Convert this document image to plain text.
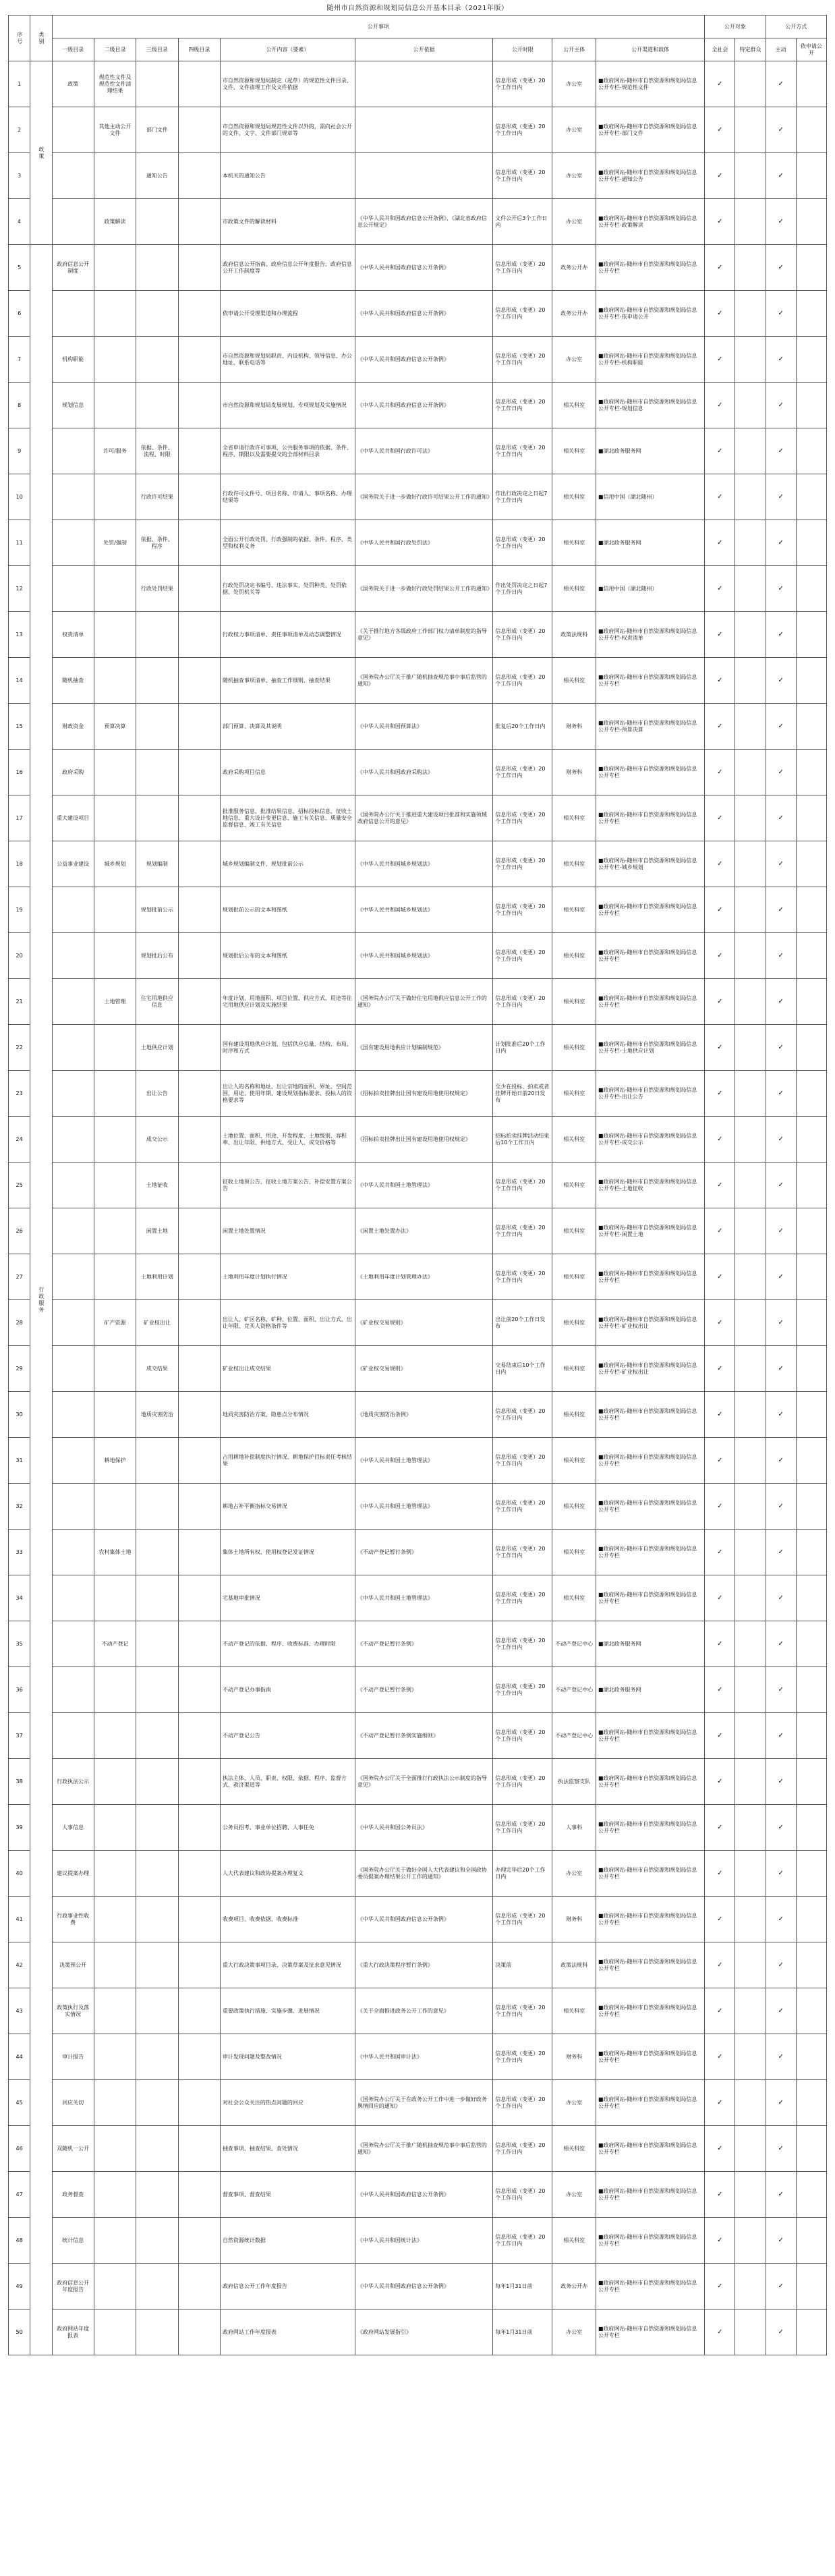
随州市自然资源和规划局信息公开基本目录（2021年版）
序号	类别	公开事项									公开对象		公开方式	
		一级目录	二级目录	三级目录	四级目录	公开内容（要素）	公开依据	公开时限	公开主体	公开渠道和载体	全社会	特定群众	主动	依申请公开
1	政策	政策	规范性文件及规范性文件清理结果			市自然资源和规划局制定（起草）的规范性文件目录、文件、文件清理工作及文件依据		信息形成（变更）20个工作日内	办公室	■政府网站-随州市自然资源和规划局信息公开专栏-规范性文件	✓		✓	
2			其他主动公开文件	部门文件		市自然资源和规划局规范性文件以外的，需向社会公开的文件，文字、文件部门规章等		信息形成（变更）20个工作日内	办公室	■政府网站-随州市自然资源和规划局信息公开专栏-部门文件	✓		✓	
3				通知公告		本机关的通知公告		信息形成（变更）20个工作日内	办公室	■政府网站-随州市自然资源和规划局信息公开专栏-通知公告	✓		✓	
4			政策解读			市政策文件的解读材料	《中华人民共和国政府信息公开条例》、《湖北省政府信息公开规定》	文件公开后3个工作日内	办公室	■政府网站-随州市自然资源和规划局信息公开专栏-政策解读	✓		✓	
5	行政服务	政府信息公开制度				政府信息公开指南、政府信息公开年度报告、政府信息公开工作制度等	《中华人民共和国政府信息公开条例》	信息形成（变更）20个工作日内	政务公开办	■政府网站-随州市自然资源和规划局信息公开专栏	✓		✓	
6						依申请公开受理渠道和办理流程	《中华人民共和国政府信息公开条例》	信息形成（变更）20个工作日内	政务公开办	■政府网站-随州市自然资源和规划局信息公开专栏-依申请公开	✓		✓	
7		机构职能				市自然资源和规划局职责、内设机构、领导信息、办公地址、联系电话等	《中华人民共和国政府信息公开条例》	信息形成（变更）20个工作日内	办公室	■政府网站-随州市自然资源和规划局信息公开专栏-机构职能	✓		✓	
8		规划信息				市自然资源和规划局发展规划、专项规划及实施情况	《中华人民共和国政府信息公开条例》	信息形成（变更）20个工作日内	相关科室	■政府网站-随州市自然资源和规划局信息公开专栏-规划信息	✓		✓	
9			许可/服务	依据、条件、流程、时限		全省申请行政许可事项、公共服务事项的依据、条件、程序、期限以及需要提交的全部材料目录	《中华人民共和国行政许可法》	信息形成（变更）20个工作日内	相关科室	■湖北政务服务网	✓		✓	
10				行政许可结果		行政许可文件号、项目名称、申请人、事项名称、办理结果等	《国务院关于进一步做好行政许可结果公开工作的通知》	作出行政决定之日起7个工作日内	相关科室	■信用中国（湖北随州）	✓		✓	
11			处罚/强制	依据、条件、程序		全面公开行政处罚、行政强制的依据、条件、程序、类型和权利义务	《中华人民共和国行政处罚法》	信息形成（变更）20个工作日内	相关科室	■湖北政务服务网	✓		✓	
12				行政处罚结果		行政处罚决定书编号、违法事实、处罚种类、处罚依据、处罚机关等	《国务院关于进一步做好行政处罚结果公开工作的通知》	作出处罚决定之日起7个工作日内	相关科室	■信用中国（湖北随州）	✓		✓	
13		权责清单				行政权力事项清单、责任事项清单及动态调整情况	《关于推行地方各级政府工作部门权力清单制度的指导意见》	信息形成（变更）20个工作日内	政策法规科	■政府网站-随州市自然资源和规划局信息公开专栏-权责清单	✓		✓	
14		随机抽查				随机抽查事项清单、抽查工作细则、抽查结果	《国务院办公厅关于推广随机抽查规范事中事后监管的通知》	信息形成（变更）20个工作日内	相关科室	■政府网站-随州市自然资源和规划局信息公开专栏	✓		✓	
15		财政资金	预算决算			部门预算、决算及其说明	《中华人民共和国预算法》	批复后20个工作日内	财务科	■政府网站-随州市自然资源和规划局信息公开专栏-预算决算	✓		✓	
16		政府采购				政府采购项目信息	《中华人民共和国政府采购法》	信息形成（变更）20个工作日内	财务科	■政府网站-随州市自然资源和规划局信息公开专栏	✓		✓	
17		重大建设项目				批准服务信息、批准结果信息、招标投标信息、征收土地信息、重大设计变更信息、施工有关信息、质量安全监督信息、竣工有关信息	《国务院办公厅关于推进重大建设项目批准和实施领域政府信息公开的意见》	信息形成（变更）20个工作日内	相关科室	■政府网站-随州市自然资源和规划局信息公开专栏	✓		✓	
18		公益事业建设	城乡规划	规划编制		城乡规划编制文件、规划批前公示	《中华人民共和国城乡规划法》	信息形成（变更）20个工作日内	相关科室	■政府网站-随州市自然资源和规划局信息公开专栏-城乡规划	✓		✓	
19				规划批前公示		规划批前公示的文本和图纸	《中华人民共和国城乡规划法》	信息形成（变更）20个工作日内	相关科室	■政府网站-随州市自然资源和规划局信息公开专栏	✓		✓	
20				规划批后公布		规划批后公布的文本和图纸	《中华人民共和国城乡规划法》	信息形成（变更）20个工作日内	相关科室	■政府网站-随州市自然资源和规划局信息公开专栏	✓		✓	
21			土地管理	住宅用地供应信息		年度计划、用地面积、项目位置、供应方式、用途等住宅用地供应计划及实施结果	《国务院办公厅关于做好住宅用地供应信息公开工作的通知》	信息形成（变更）20个工作日内	相关科室	■政府网站-随州市自然资源和规划局信息公开专栏	✓		✓	
22				土地供应计划		国有建设用地供应计划，包括供应总量、结构、布局、时序和方式	《国有建设用地供应计划编制规范》	计划批准后20个工作日内	相关科室	■政府网站-随州市自然资源和规划局信息公开专栏-土地供应计划	✓		✓	
23				出让公告		出让人的名称和地址、出让宗地的面积、界址、空间范围、用途、使用年期、建设规划指标要求、投标人的资格要求等	《招标拍卖挂牌出让国有建设用地使用权规定》	至少在投标、拍卖或者挂牌开始日前20日发布	相关科室	■政府网站-随州市自然资源和规划局信息公开专栏-出让公告	✓		✓	
24				成交公示		土地位置、面积、用途、开发程度、土地级别、容积率、出让年限、供地方式、受让人、成交价格等	《招标拍卖挂牌出让国有建设用地使用权规定》	招标拍卖挂牌活动结束后10个工作日内	相关科室	■政府网站-随州市自然资源和规划局信息公开专栏-成交公示	✓		✓	
25				土地征收		征收土地预公告、征收土地方案公告、补偿安置方案公告	《中华人民共和国土地管理法》	信息形成（变更）20个工作日内	相关科室	■政府网站-随州市自然资源和规划局信息公开专栏-土地征收	✓		✓	
26				闲置土地		闲置土地处置情况	《闲置土地处置办法》	信息形成（变更）20个工作日内	相关科室	■政府网站-随州市自然资源和规划局信息公开专栏-闲置土地	✓		✓	
27				土地利用计划		土地利用年度计划执行情况	《土地利用年度计划管理办法》	信息形成（变更）20个工作日内	相关科室	■政府网站-随州市自然资源和规划局信息公开专栏	✓		✓	
28			矿产资源	矿业权出让		出让人、矿区名称、矿种、位置、面积、出让方式、出让年限、竞买人资格条件等	《矿业权交易规则》	出让前20个工作日发布	相关科室	■政府网站-随州市自然资源和规划局信息公开专栏-矿业权出让	✓		✓	
29				成交结果		矿业权出让成交结果	《矿业权交易规则》	交易结束后10个工作日内	相关科室	■政府网站-随州市自然资源和规划局信息公开专栏-矿业权出让	✓		✓	
30				地质灾害防治		地质灾害防治方案、隐患点分布情况	《地质灾害防治条例》	信息形成（变更）20个工作日内	相关科室	■政府网站-随州市自然资源和规划局信息公开专栏	✓		✓	
31			耕地保护			占用耕地补偿制度执行情况、耕地保护目标责任考核结果	《中华人民共和国土地管理法》	信息形成（变更）20个工作日内	相关科室	■政府网站-随州市自然资源和规划局信息公开专栏	✓		✓	
32						耕地占补平衡指标交易情况	《中华人民共和国土地管理法》	信息形成（变更）20个工作日内	相关科室	■政府网站-随州市自然资源和规划局信息公开专栏	✓		✓	
33			农村集体土地			集体土地所有权、使用权登记发证情况	《不动产登记暂行条例》	信息形成（变更）20个工作日内	相关科室	■政府网站-随州市自然资源和规划局信息公开专栏	✓		✓	
34						宅基地审批情况	《中华人民共和国土地管理法》	信息形成（变更）20个工作日内	相关科室	■政府网站-随州市自然资源和规划局信息公开专栏	✓		✓	
35			不动产登记			不动产登记的依据、程序、收费标准、办理时限	《不动产登记暂行条例》	信息形成（变更）20个工作日内	不动产登记中心	■湖北政务服务网	✓		✓	
36						不动产登记办事指南	《不动产登记暂行条例》	信息形成（变更）20个工作日内	不动产登记中心	■湖北政务服务网	✓		✓	
37						不动产登记公告	《不动产登记暂行条例实施细则》	信息形成（变更）20个工作日内	不动产登记中心	■政府网站-随州市自然资源和规划局信息公开专栏	✓		✓	
38		行政执法公示				执法主体、人员、职责、权限、依据、程序、监督方式、救济渠道等	《国务院办公厅关于全面推行行政执法公示制度的指导意见》	信息形成（变更）20个工作日内	执法监察支队	■政府网站-随州市自然资源和规划局信息公开专栏	✓		✓	
39		人事信息				公务员招考、事业单位招聘、人事任免	《中华人民共和国公务员法》	信息形成（变更）20个工作日内	人事科	■政府网站-随州市自然资源和规划局信息公开专栏	✓		✓	
40		建议提案办理				人大代表建议和政协提案办理复文	《国务院办公厅关于做好全国人大代表建议和全国政协委员提案办理结果公开工作的通知》	办理完毕后20个工作日内	办公室	■政府网站-随州市自然资源和规划局信息公开专栏	✓		✓	
41		行政事业性收费				收费项目、收费依据、收费标准	《中华人民共和国政府信息公开条例》	信息形成（变更）20个工作日内	财务科	■政府网站-随州市自然资源和规划局信息公开专栏	✓		✓	
42		决策预公开				重大行政决策事项目录、决策草案及征求意见情况	《重大行政决策程序暂行条例》	决策前	政策法规科	■政府网站-随州市自然资源和规划局信息公开专栏	✓		✓	
43		政策执行及落实情况				重要政策执行措施、实施步骤、进展情况	《关于全面推进政务公开工作的意见》	信息形成（变更）20个工作日内	相关科室	■政府网站-随州市自然资源和规划局信息公开专栏	✓		✓	
44		审计报告				审计发现问题及整改情况	《中华人民共和国审计法》	信息形成（变更）20个工作日内	财务科	■政府网站-随州市自然资源和规划局信息公开专栏	✓		✓	
45		回应关切				对社会公众关注的热点问题的回应	《国务院办公厅关于在政务公开工作中进一步做好政务舆情回应的通知》	信息形成（变更）20个工作日内	办公室	■政府网站-随州市自然资源和规划局信息公开专栏	✓		✓	
46		双随机一公开				抽查事项、抽查结果、查处情况	《国务院办公厅关于推广随机抽查规范事中事后监管的通知》	信息形成（变更）20个工作日内	相关科室	■政府网站-随州市自然资源和规划局信息公开专栏	✓		✓	
47		政务督查				督查事项、督查结果	《中华人民共和国政府信息公开条例》	信息形成（变更）20个工作日内	办公室	■政府网站-随州市自然资源和规划局信息公开专栏	✓		✓	
48		统计信息				自然资源统计数据	《中华人民共和国统计法》	信息形成（变更）20个工作日内	相关科室	■政府网站-随州市自然资源和规划局信息公开专栏	✓		✓	
49		政府信息公开年度报告				政府信息公开工作年度报告	《中华人民共和国政府信息公开条例》	每年1月31日前	政务公开办	■政府网站-随州市自然资源和规划局信息公开专栏	✓		✓	
50		政府网站年度报表				政府网站工作年度报表	《政府网站发展指引》	每年1月31日前	办公室	■政府网站-随州市自然资源和规划局信息公开专栏	✓		✓	
